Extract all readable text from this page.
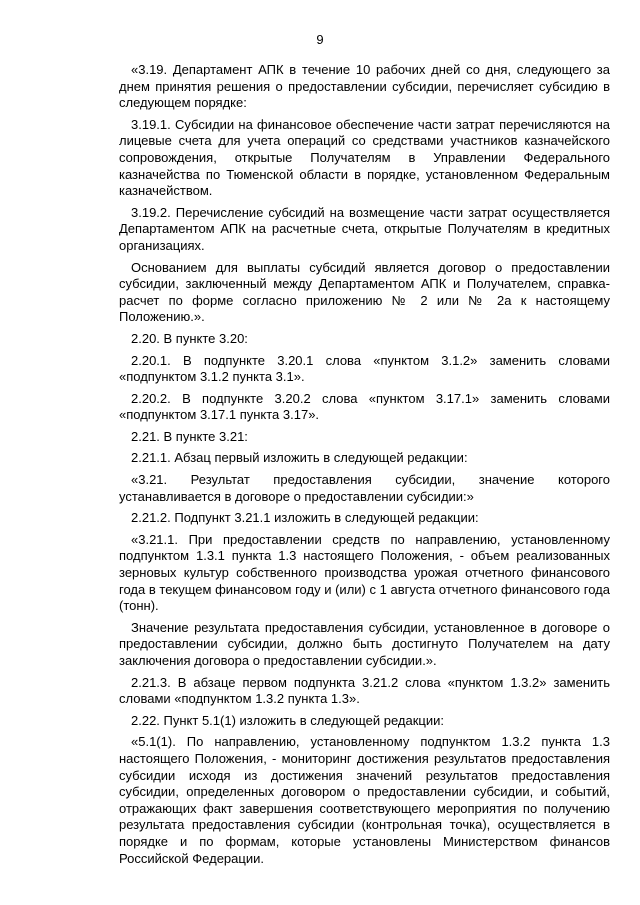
9

«3.19. Департамент АПК в течение 10 рабочих дней со дня, следующего за днем принятия решения о предоставлении субсидии, перечисляет субсидию в следующем порядке:

3.19.1. Субсидии на финансовое обеспечение части затрат перечисляются на лицевые счета для учета операций со средствами участников казначейского сопровождения, открытые Получателям в Управлении Федерального казначейства по Тюменской области в порядке, установленном Федеральным казначейством.

3.19.2. Перечисление субсидий на возмещение части затрат осуществляется Департаментом АПК на расчетные счета, открытые Получателям в кредитных организациях.

Основанием для выплаты субсидий является договор о предоставлении субсидии, заключенный между Департаментом АПК и Получателем, справка-расчет по форме согласно приложению № 2 или № 2а к настоящему Положению.».

2.20. В пункте 3.20:

2.20.1. В подпункте 3.20.1 слова «пунктом 3.1.2» заменить словами «подпунктом 3.1.2 пункта 3.1».

2.20.2. В подпункте 3.20.2 слова «пунктом 3.17.1» заменить словами «подпунктом 3.17.1 пункта 3.17».

2.21. В пункте 3.21:

2.21.1. Абзац первый изложить в следующей редакции:

«3.21. Результат предоставления субсидии, значение которого устанавливается в договоре о предоставлении субсидии:»

2.21.2. Подпункт 3.21.1 изложить в следующей редакции:

«3.21.1. При предоставлении средств по направлению, установленному подпунктом 1.3.1 пункта 1.3 настоящего Положения, - объем реализованных зерновых культур собственного производства урожая отчетного финансового года в текущем финансовом году и (или) с 1 августа отчетного финансового года (тонн).

Значение результата предоставления субсидии, установленное в договоре о предоставлении субсидии, должно быть достигнуто Получателем на дату заключения договора о предоставлении субсидии.».

2.21.3. В абзаце первом подпункта 3.21.2 слова «пунктом 1.3.2» заменить словами «подпунктом 1.3.2 пункта 1.3».

2.22. Пункт 5.1(1) изложить в следующей редакции:

«5.1(1). По направлению, установленному подпунктом 1.3.2 пункта 1.3 настоящего Положения, - мониторинг достижения результатов предоставления субсидии исходя из достижения значений результатов предоставления субсидии, определенных договором о предоставлении субсидии, и событий, отражающих факт завершения соответствующего мероприятия по получению результата предоставления субсидии (контрольная точка), осуществляется в порядке и по формам, которые установлены Министерством финансов Российской Федерации.
